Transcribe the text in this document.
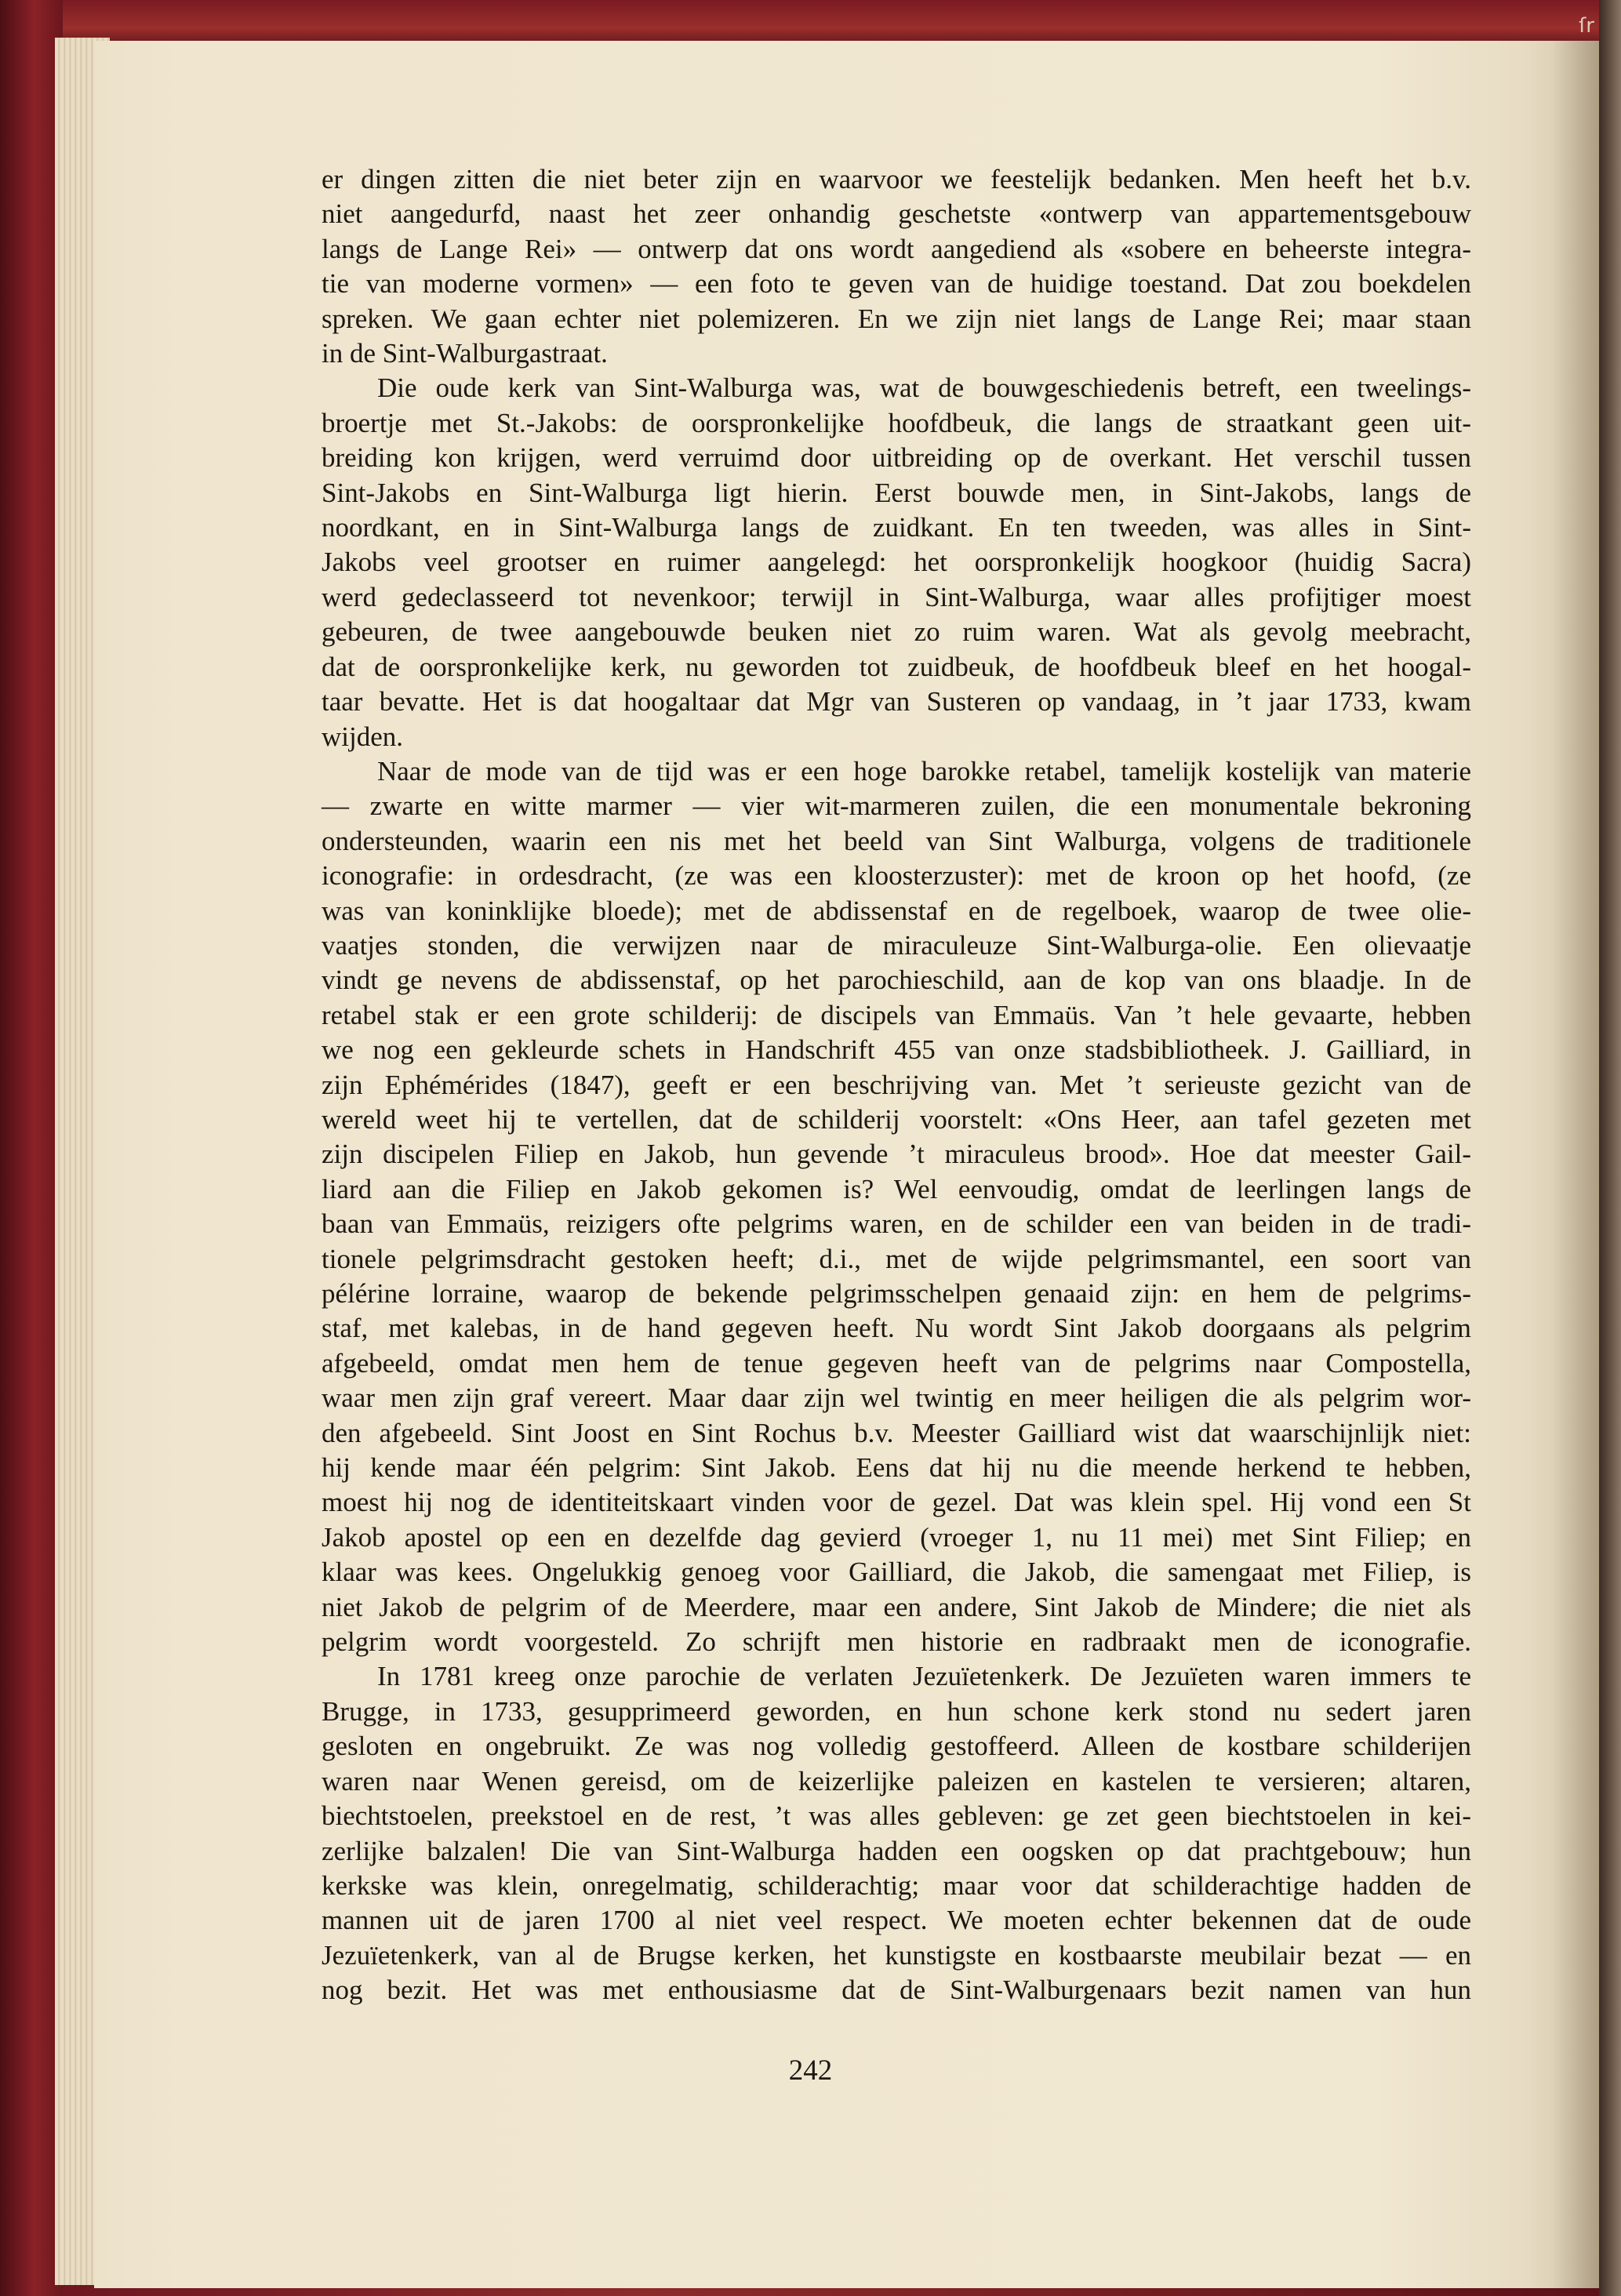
ſr

er dingen zitten die niet beter zijn en waarvoor we feestelijk bedanken. Men heeft het b.v.

niet aangedurfd, naast het zeer onhandig geschetste «ontwerp van appartementsgebouw

langs de Lange Rei» — ontwerp dat ons wordt aangediend als «sobere en beheerste integra-

tie van moderne vormen» — een foto te geven van de huidige toestand. Dat zou boekdelen

spreken. We gaan echter niet polemizeren. En we zijn niet langs de Lange Rei; maar staan

in de Sint-Walburgastraat.

Die oude kerk van Sint-Walburga was, wat de bouwgeschiedenis betreft, een tweelings-

broertje met St.-Jakobs: de oorspronkelijke hoofdbeuk, die langs de straatkant geen uit-

breiding kon krijgen, werd verruimd door uitbreiding op de overkant. Het verschil tussen

Sint-Jakobs en Sint-Walburga ligt hierin. Eerst bouwde men, in Sint-Jakobs, langs de

noordkant, en in Sint-Walburga langs de zuidkant. En ten tweeden, was alles in Sint-

Jakobs veel grootser en ruimer aangelegd: het oorspronkelijk hoogkoor (huidig Sacra)

werd gedeclasseerd tot nevenkoor; terwijl in Sint-Walburga, waar alles profijtiger moest

gebeuren, de twee aangebouwde beuken niet zo ruim waren. Wat als gevolg meebracht,

dat de oorspronkelijke kerk, nu geworden tot zuidbeuk, de hoofdbeuk bleef en het hoogal-

taar bevatte. Het is dat hoogaltaar dat Mgr van Susteren op vandaag, in ’t jaar 1733, kwam

wijden.

Naar de mode van de tijd was er een hoge barokke retabel, tamelijk kostelijk van materie

— zwarte en witte marmer — vier wit-marmeren zuilen, die een monumentale bekroning

ondersteunden, waarin een nis met het beeld van Sint Walburga, volgens de traditionele

iconografie: in ordesdracht, (ze was een kloosterzuster): met de kroon op het hoofd, (ze

was van koninklijke bloede); met de abdissenstaf en de regelboek, waarop de twee olie-

vaatjes stonden, die verwijzen naar de miraculeuze Sint-Walburga-olie. Een olievaatje

vindt ge nevens de abdissenstaf, op het parochieschild, aan de kop van ons blaadje. In de

retabel stak er een grote schilderij: de discipels van Emmaüs. Van ’t hele gevaarte, hebben

we nog een gekleurde schets in Handschrift 455 van onze stadsbibliotheek. J. Gailliard, in

zijn Ephémérides (1847), geeft er een beschrijving van. Met ’t serieuste gezicht van de

wereld weet hij te vertellen, dat de schilderij voorstelt: «Ons Heer, aan tafel gezeten met

zijn discipelen Filiep en Jakob, hun gevende ’t miraculeus brood». Hoe dat meester Gail-

liard aan die Filiep en Jakob gekomen is? Wel eenvoudig, omdat de leerlingen langs de

baan van Emmaüs, reizigers ofte pelgrims waren, en de schilder een van beiden in de tradi-

tionele pelgrimsdracht gestoken heeft; d.i., met de wijde pelgrimsmantel, een soort van

pélérine lorraine, waarop de bekende pelgrimsschelpen genaaid zijn: en hem de pelgrims-

staf, met kalebas, in de hand gegeven heeft. Nu wordt Sint Jakob doorgaans als pelgrim

afgebeeld, omdat men hem de tenue gegeven heeft van de pelgrims naar Compostella,

waar men zijn graf vereert. Maar daar zijn wel twintig en meer heiligen die als pelgrim wor-

den afgebeeld. Sint Joost en Sint Rochus b.v. Meester Gailliard wist dat waarschijnlijk niet:

hij kende maar één pelgrim: Sint Jakob. Eens dat hij nu die meende herkend te hebben,

moest hij nog de identiteitskaart vinden voor de gezel. Dat was klein spel. Hij vond een St

Jakob apostel op een en dezelfde dag gevierd (vroeger 1, nu 11 mei) met Sint Filiep; en

klaar was kees. Ongelukkig genoeg voor Gailliard, die Jakob, die samengaat met Filiep, is

niet Jakob de pelgrim of de Meerdere, maar een andere, Sint Jakob de Mindere; die niet als

pelgrim wordt voorgesteld. Zo schrijft men historie en radbraakt men de iconografie.

In 1781 kreeg onze parochie de verlaten Jezuïetenkerk. De Jezuïeten waren immers te

Brugge, in 1733, gesupprimeerd geworden, en hun schone kerk stond nu sedert jaren

gesloten en ongebruikt. Ze was nog volledig gestoffeerd. Alleen de kostbare schilderijen

waren naar Wenen gereisd, om de keizerlijke paleizen en kastelen te versieren; altaren,

biechtstoelen, preekstoel en de rest, ’t was alles gebleven: ge zet geen biechtstoelen in kei-

zerlijke balzalen! Die van Sint-Walburga hadden een oogsken op dat prachtgebouw; hun

kerkske was klein, onregelmatig, schilderachtig; maar voor dat schilderachtige hadden de

mannen uit de jaren 1700 al niet veel respect. We moeten echter bekennen dat de oude

Jezuïetenkerk, van al de Brugse kerken, het kunstigste en kostbaarste meubilair bezat — en

nog bezit. Het was met enthousiasme dat de Sint-Walburgenaars bezit namen van hun

242
